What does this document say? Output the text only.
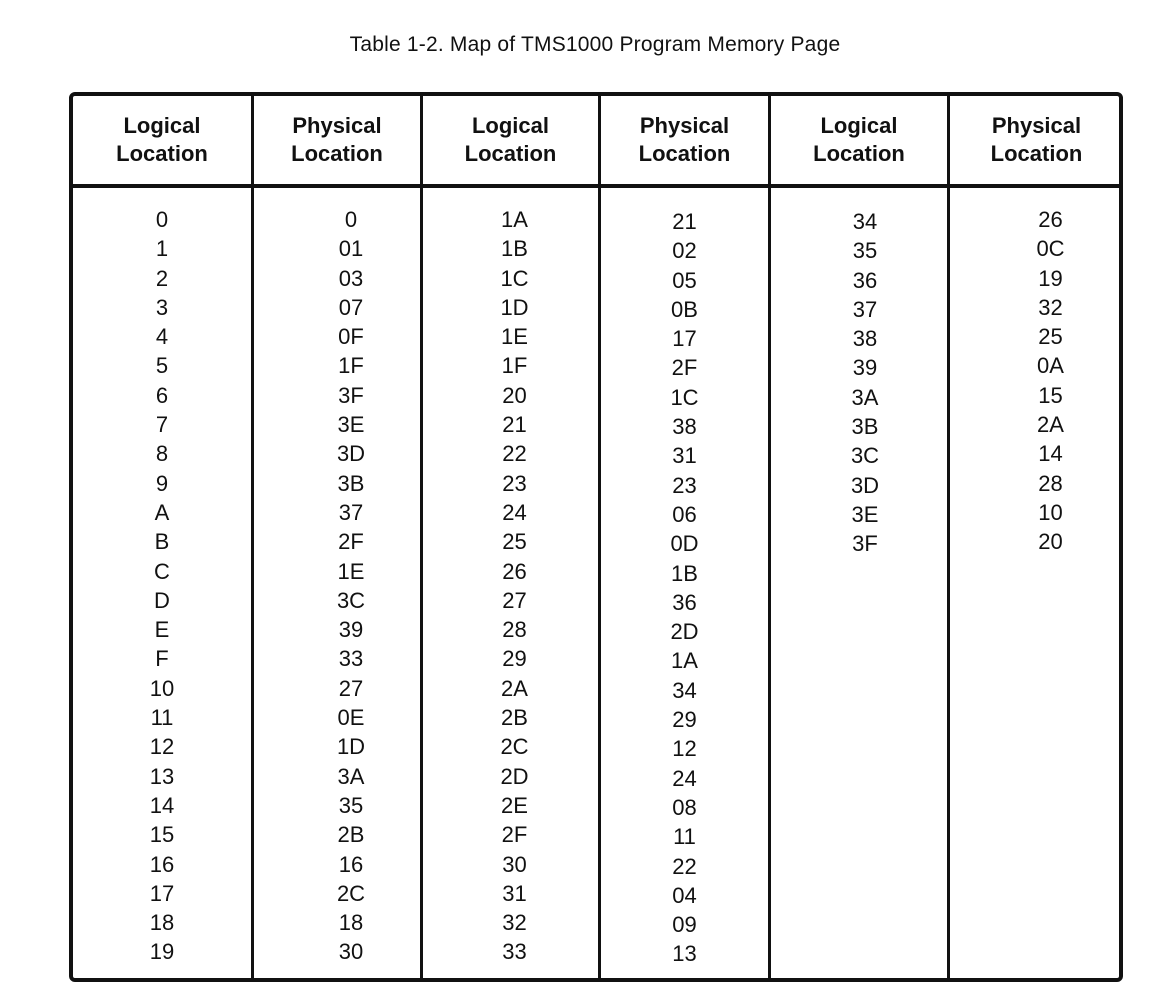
Table 1-2. Map of TMS1000 Program Memory Page
Logical
Location
Physical
Location
Logical
Location
Physical
Location
Logical
Location
Physical
Location
0
1
2
3
4
5
6
7
8
9
A
B
C
D
E
F
10
11
12
13
14
15
16
17
18
19
0
01
03
07
0F
1F
3F
3E
3D
3B
37
2F
1E
3C
39
33
27
0E
1D
3A
35
2B
16
2C
18
30
1A
1B
1C
1D
1E
1F
20
21
22
23
24
25
26
27
28
29
2A
2B
2C
2D
2E
2F
30
31
32
33
21
02
05
0B
17
2F
1C
38
31
23
06
0D
1B
36
2D
1A
34
29
12
24
08
11
22
04
09
13
34
35
36
37
38
39
3A
3B
3C
3D
3E
3F
26
0C
19
32
25
0A
15
2A
14
28
10
20
